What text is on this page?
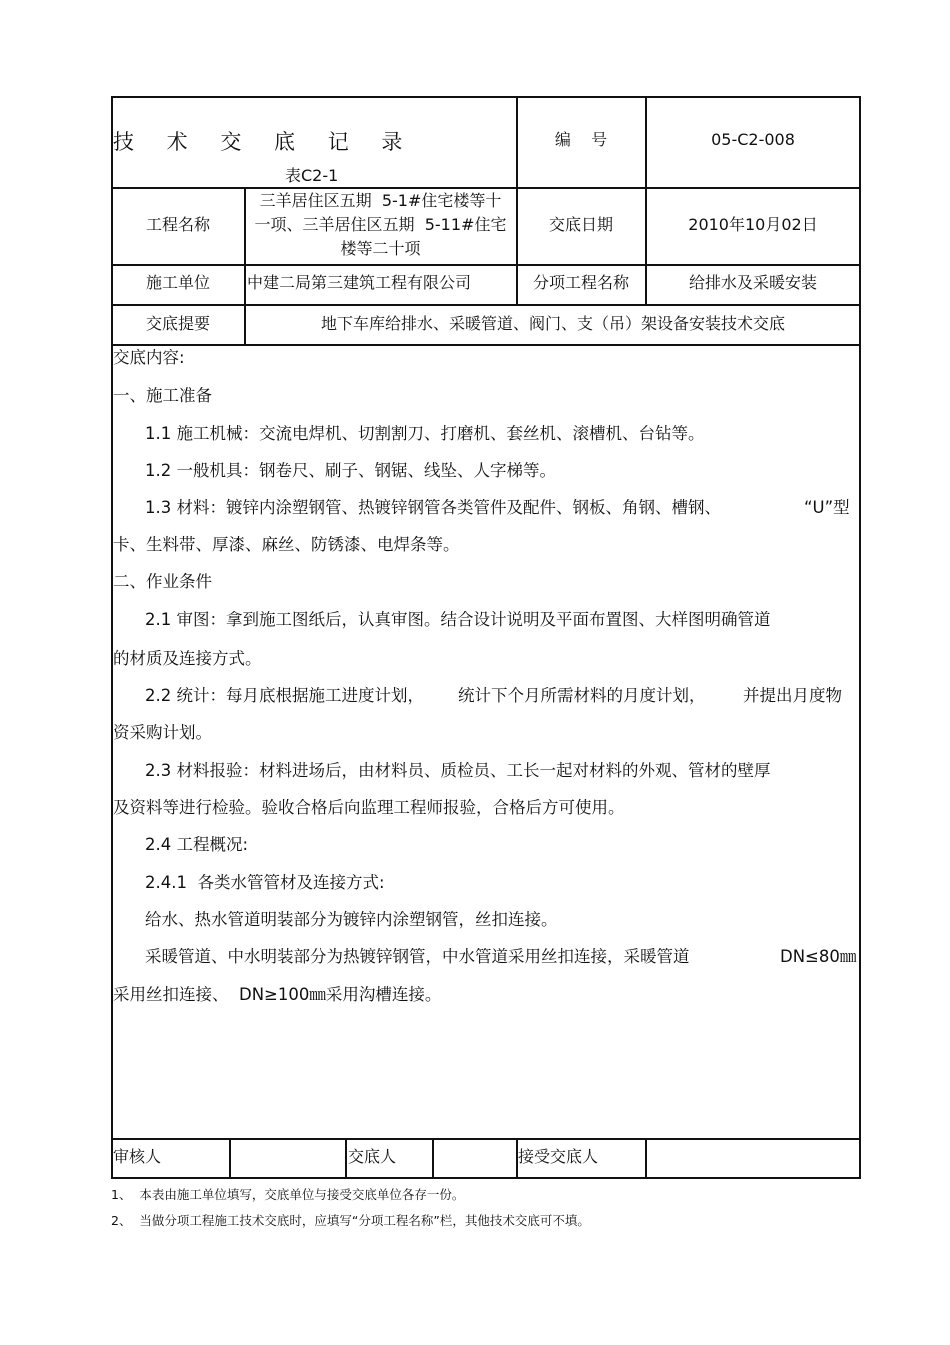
技 术 交 底 记 录
表C2-1
编    号	05-C2-008
工程名称
三羊居住区五期  5-1#住宅楼等十
一项、三羊居住区五期  5-11#住宅
楼等二十项
交底日期	2010年10月02日
施工单位	中建二局第三建筑工程有限公司	分项工程名称	给排水及采暖安装
交底提要	地下车库给排水、采暖管道、阀门、支（吊）架设备安装技术交底
交底内容:
一、施工准备
1.1 施工机械：交流电焊机、切割割刀、打磨机、套丝机、滚槽机、台钻等。
1.2 一般机具：钢卷尺、刷子、钢锯、线坠、人字梯等。
1.3 材料：镀锌内涂塑钢管、热镀锌钢管各类管件及配件、钢板、角钢、槽钢、	“U”型
卡、生料带、厚漆、麻丝、防锈漆、电焊条等。
二、作业条件
2.1 审图：拿到施工图纸后，认真审图。结合设计说明及平面布置图、大样图明确管道
的材质及连接方式。
2.2 统计：每月底根据施工进度计划， 统计下个月所需材料的月度计划， 并提出月度物
资采购计划。
2.3 材料报验：材料进场后，由材料员、质检员、工长一起对材料的外观、管材的壁厚
及资料等进行检验。验收合格后向监理工程师报验，合格后方可使用。
2.4 工程概况:
2.4.1  各类水管管材及连接方式:
给水、热水管道明装部分为镀锌内涂塑钢管，丝扣连接。
采暖管道、中水明装部分为热镀锌钢管，中水管道采用丝扣连接，采暖管道	DN≤80㎜
采用丝扣连接、  DN≥100㎜采用沟槽连接。
审核人	交底人	接受交底人
1、  本表由施工单位填写，交底单位与接受交底单位各存一份。
2、  当做分项工程施工技术交底时，应填写“分项工程名称”栏，其他技术交底可不填。
